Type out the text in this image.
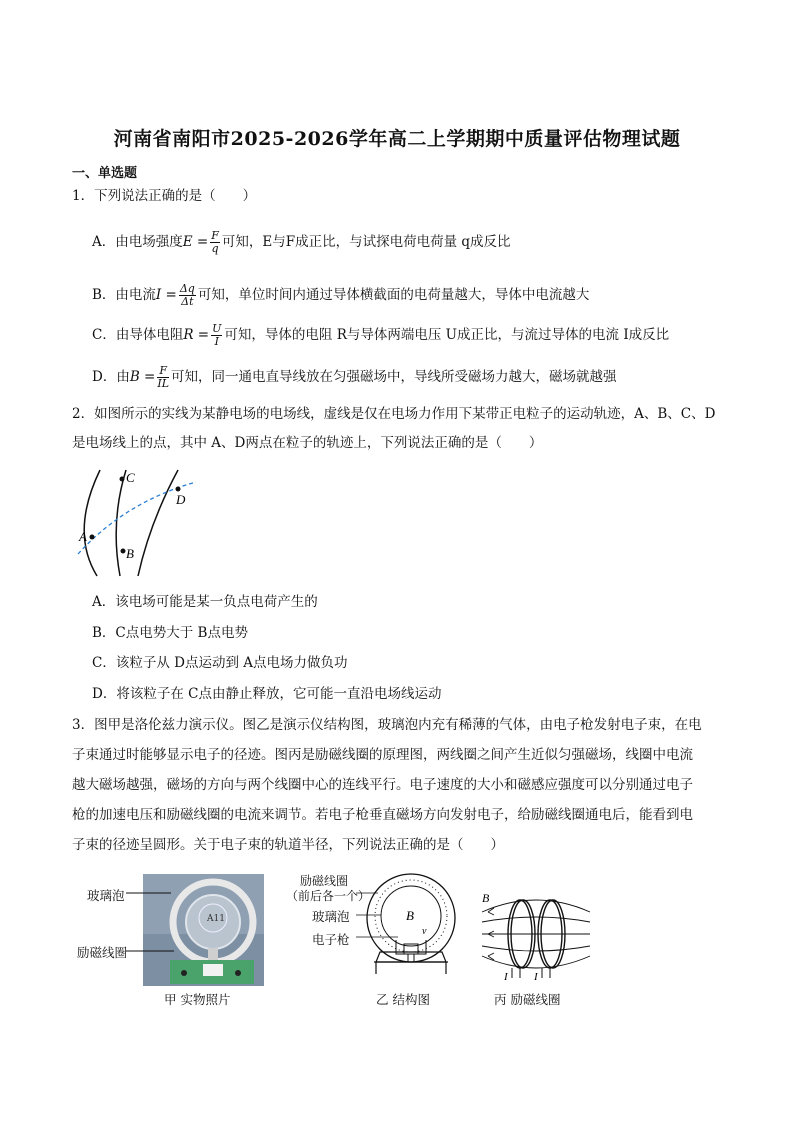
河南省南阳市2025-2026学年高二上学期期中质量评估物理试题
一、单选题
1．下列说法正确的是（　　）
A．由电场强度$E = \frac{F}{q}$ 可知，E与F成正比，与试探电荷电荷量 q成反比
B．由电流$I = \frac{\Delta q}{\Delta t}$ 可知，单位时间内通过导体横截面的电荷量越大，导体中电流越大
C．由导体电阻$R = \frac{U}{I}$ 可知，导体的电阻 R与导体两端电压 U成正比，与流过导体的电流 I成反比
D．由$B = \frac{F}{IL}$ 可知，同一通电直导线放在匀强磁场中，导线所受磁场力越大，磁场就越强
2．如图所示的实线为某静电场的电场线，虚线是仅在电场力作用下某带正电粒子的运动轨迹，A、B、C、D
是电场线上的点，其中 A、D两点在粒子的轨迹上，下列说法正确的是（　　）
A
B
C
D
A．该电场可能是某一负点电荷产生的
B．C点电势大于 B点电势
C．该粒子从 D点运动到 A点电场力做负功
D．将该粒子在 C点由静止释放，它可能一直沿电场线运动
3．图甲是洛伦兹力演示仪。图乙是演示仪结构图，玻璃泡内充有稀薄的气体，由电子枪发射电子束，在电
子束通过时能够显示电子的径迹。图丙是励磁线圈的原理图，两线圈之间产生近似匀强磁场，线圈中电流
越大磁场越强，磁场的方向与两个线圈中心的连线平行。电子速度的大小和磁感应强度可以分别通过电子
枪的加速电压和励磁线圈的电流来调节。若电子枪垂直磁场方向发射电子，给励磁线圈通电后，能看到电
子束的径迹呈圆形。关于电子束的轨道半径，下列说法正确的是（　　）
玻璃泡
励磁线圈
A11
甲 实物照片
励磁线圈
（前后各一个）
玻璃泡
电子枪
B
v
乙 结构图
B
I I
丙 励磁线圈
